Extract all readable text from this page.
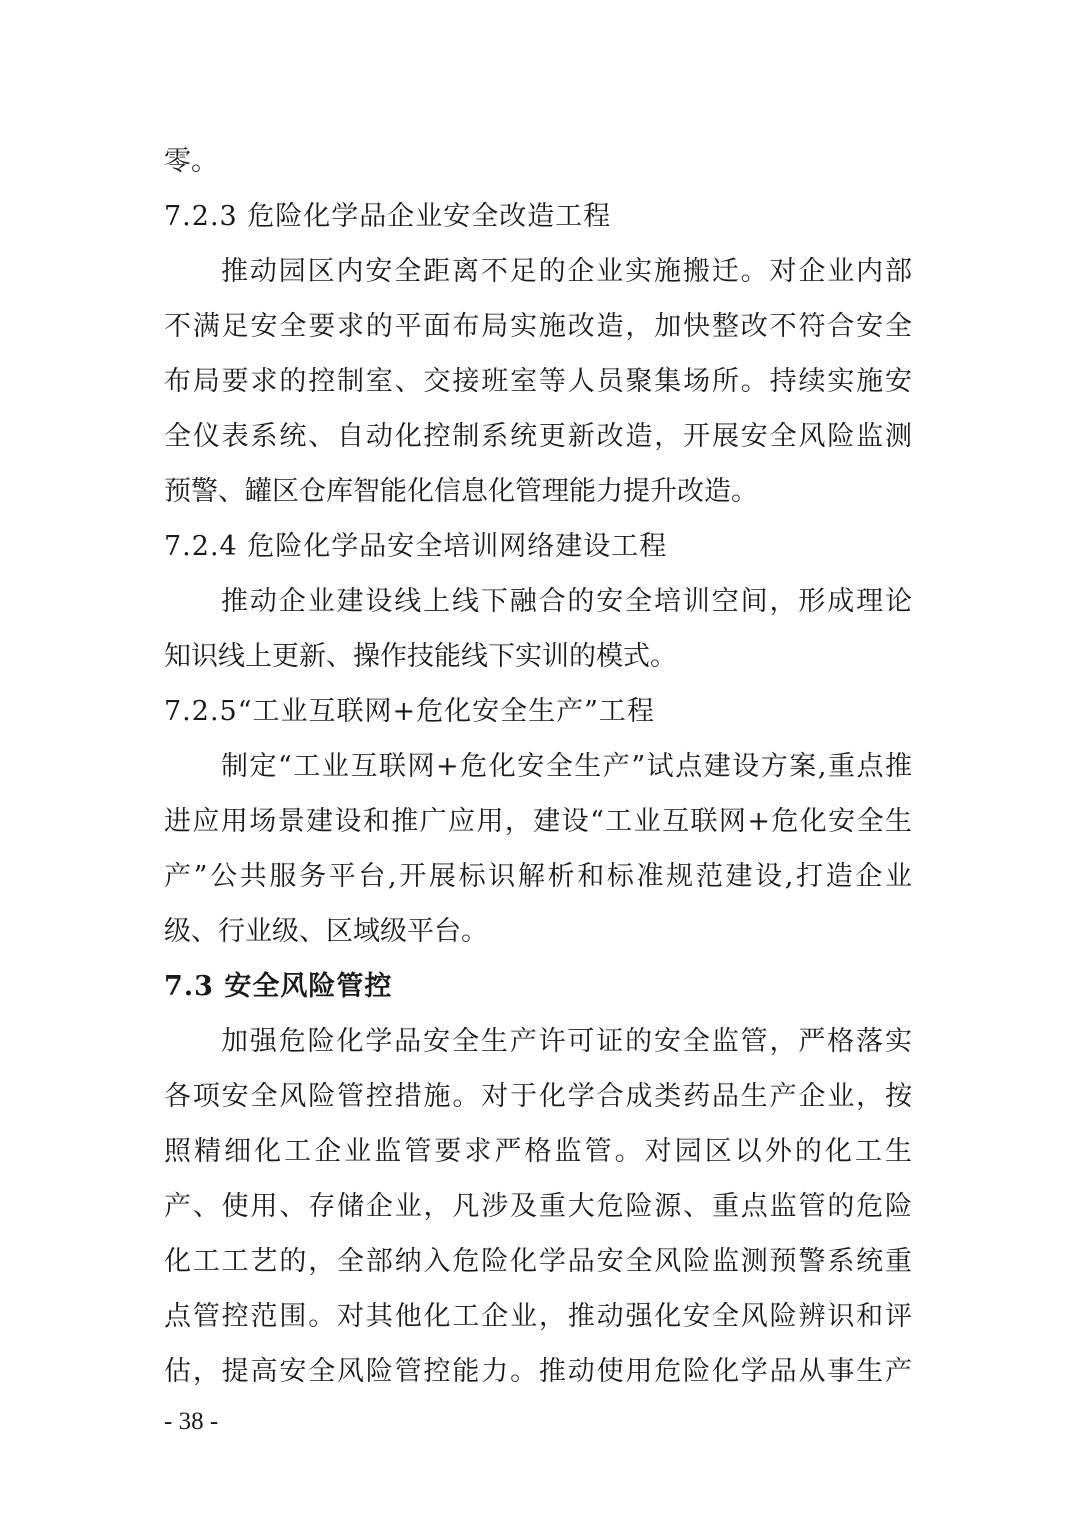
零。
7.2.3 危险化学品企业安全改造工程
推动园区内安全距离不足的企业实施搬迁。对企业内部
不满足安全要求的平面布局实施改造，加快整改不符合安全
布局要求的控制室、交接班室等人员聚集场所。持续实施安
全仪表系统、自动化控制系统更新改造，开展安全风险监测
预警、罐区仓库智能化信息化管理能力提升改造。
7.2.4 危险化学品安全培训网络建设工程
推动企业建设线上线下融合的安全培训空间，形成理论
知识线上更新、操作技能线下实训的模式。
7.2.5“工业互联网+危化安全生产”工程
制定“工业互联网+危化安全生产”试点建设方案,重点推
进应用场景建设和推广应用，建设“工业互联网+危化安全生
产”公共服务平台,开展标识解析和标准规范建设,打造企业
级、行业级、区域级平台。
7.3 安全风险管控
加强危险化学品安全生产许可证的安全监管，严格落实
各项安全风险管控措施。对于化学合成类药品生产企业，按
照精细化工企业监管要求严格监管。对园区以外的化工生
产、使用、存储企业，凡涉及重大危险源、重点监管的危险
化工工艺的，全部纳入危险化学品安全风险监测预警系统重
点管控范围。对其他化工企业，推动强化安全风险辨识和评
估，提高安全风险管控能力。推动使用危险化学品从事生产
- 38 -
